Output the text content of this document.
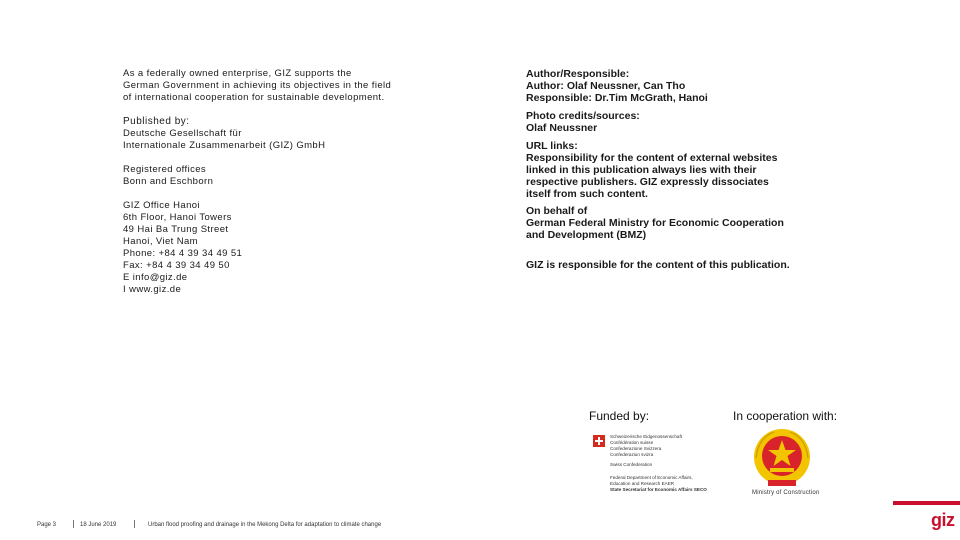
As a federally owned enterprise, GIZ supports the
German Government in achieving its objectives in the field
of international cooperation for sustainable development.
Published by:
Deutsche Gesellschaft für
Internationale Zusammenarbeit (GIZ) GmbH
Registered offices
Bonn and Eschborn
GIZ Office Hanoi
6th Floor, Hanoi Towers
49 Hai Ba Trung Street
Hanoi, Viet Nam
Phone: +84 4 39 34 49 51
Fax: +84 4 39 34 49 50
E info@giz.de
I www.giz.de
Author/Responsible:
Author: Olaf Neussner, Can Tho
Responsible: Dr.Tim McGrath, Hanoi
Photo credits/sources:
Olaf Neussner
URL links:
Responsibility for the content of external websites
linked in this publication always lies with their
respective publishers. GIZ expressly dissociates
itself from such content.
On behalf of
German Federal Ministry for Economic Cooperation
and Development (BMZ)
GIZ is responsible for the content of this publication.
Funded by:	In cooperation with:
Schweizerische Eidgenossenschaft
Confédération suisse
Confederazione Svizzera
Confederaziun svizra
Swiss Confederation
Federal Department of Economic Affairs,
Education and Research EAER
State Secretariat for Economic Affairs SECO
Ministry of Construction
Page 3	18 June 2019	Urban flood proofing and drainage in the Mekong Delta for adaptation to climate change	giz
